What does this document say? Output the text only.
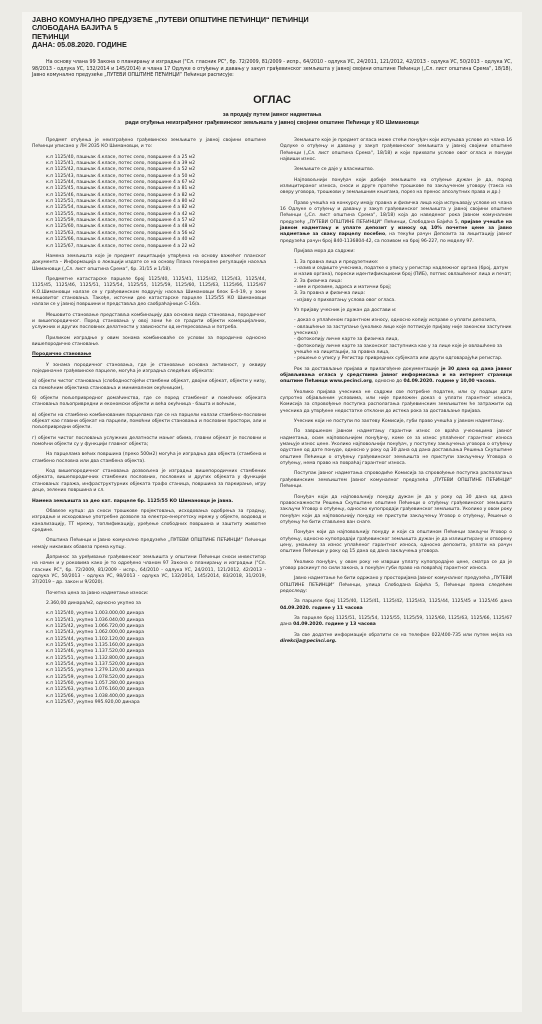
ЈАВНО КОМУНАЛНО ПРЕДУЗЕЋЕ „ПУТЕВИ ОПШТИНЕ ПЕЋИНЦИ“ ПЕЋИНЦИ
СЛОБОДАНА БАЈИЋА 5
ПЕЋИНЦИ
ДАНА: 05.08.2020. ГОДИНЕ
На основу члана 99 Закона о планирању и изградњи ("Сл. гласник РС", бр. 72/2009, 81/2009 - испр., 64/2010 - одлука УС, 24/2011, 121/2012, 42/2013 - одлука УС, 50/2013 - одлука УС, 98/2013 - одлука УС, 132/2014 и 145/2014) и члана 17 Одлуке о отуђењу и давању у закуп грађевинског земљишта у јавној својини општине Пећинци („Сл. лист општина Срема“, 18/18), Јавно комунално предузеће „ПУТЕВИ ОПШТИНЕ ПЕЋИНЦИ“ Пећинци расписује:
ОГЛАС
за продају путем јавног надметања
ради отуђења неизграђеног грађевинског земљишта у јавној својини општине Пећинци у КО Шимановци

Предмет отуђења је неизграђено грађевинско земљиште у јавној својини општине Пећинци уписано у ЛН 2035 КО Шимановци, и то:

к.п 1125/40, пашњак 4.класе, потес село, површине 4 а 25 м2
к.п 1125/41, пашњак 4.класе, потес село, површине 4 а 39 м2
к.п 1125/42, пашњак 4.класе, потес село, површине 4 а 52 м2
к.п 1125/43, пашњак 4.класе, потес село, површине 4 а 50 м2
к.п 1125/44, пашњак 4.класе, потес село, површине 4 а 67 м2
к.п 1125/45, пашњак 4.класе, потес село, површине 4 а 81 м2
к.п 1125/46, пашњак 4.класе, потес село, површине 4 а 82 м2
к.п 1125/51, пашњак 4.класе, потес село, површине 4 а 80 м2
к.п 1125/54, пашњак 4.класе, потес село, површине 4 а 82 м2
к.п 1125/55, пашњак 4.класе, потес село, површине 4 а 42 м2
к.п 1125/59, пашњак 4.класе, потес село, површине 4 а 57 м2
к.п 1125/60, пашњак 4.класе, потес село, површине 4 а 48 м2
к.п 1125/63, пашњак 4.класе, потес село, површине 4 а 56 м2
к.п 1125/66, пашњак 4.класе, потес село, површине 4 а 40 м2
к.п 1125/67, пашњак 4.класе, потес село, површине 4 а 22 м2

Намена земљишта које је предмет лицитације утврђена на основу важећег планског документа – Информација о локацији издате се на основу Плана генералне регулације насеља Шимановци („Сл. лист општина Срема“, бр. 31/15 и 1/18).

Предметне катастарске парцеле број 1125/40, 1125/41, 1125/42, 1125/43, 1125/44, 1125/45, 1125/46, 1125/51, 1125/54, 1125/55, 1125/59, 1125/60, 1125/63, 1125/66, 1125/67 К.О.Шимановци налазе се у грађевинском подручју насеља Шимановци блок Б-4-19, у зони мешовитог становања. Такође, источни део катастарске парцеле 1125/55 КО Шимановци налази се у јавној површини и представља део саобраћајнице С-16/а.

Мешовито становање представља комбинацију два основна вида становања, породичног и вишепородичног. Поред становања у овој зони ће се градити објекти комерцијалних, услужних и других пословних делатности у зависности од интересовања и потреба.

Приликом изградње у овим зонама комбиноваће се услови за породично односно вишепородично становање.

Породично становање

У зонама породичног становања, где је становање основна активност, у оквиру појединачне грађевинске парцеле, могућа је изградња следећих објеката:

а) објекти чистог становања (слободностојећи стамбени објекат, двојни објекат, објекти у низу, са помоћним објектима становања и минималном окућницом),

б) објекти пољопривредног домаћинства, где се поред стамбеног и помоћних објеката становања пољопривредни и економски објекти и већа окућница - башта и воћњак,

в) објекти на стамбено комбинованим парцелама где се на парцели налази стамбено-пословни објекат као главни објекат на парцели, помоћни објекти становања и пословни простори, али и пољопривредни објекти.

г) објекти чистог пословања услужних делатности мањег обима, главни објекат је пословни и помоћни објекти су у функцији главног објекта;

На парцелама већих површина (преко 500м2) могућа је изградња два објекта (стамбена и стамбено пословна или два стамбена објекта).

Код вишепородичног становања дозвољена је изградња вишепородичних стамбених објеката, вишепородичних стамбених пословних, пословних и других објеката у функцији становања: гаража, инфраструктурних објеката трафо станица, површина за паркирање, игру деце, зелених површина и сл.

Намена земљишта за део кат. парцеле бр. 1125/55 КО Шимановци је јавна.

Обавезе купца: да сноси трошкове пројектовања, исходовања одобрења за градњу, изградње и исходовање употребне дозволе за електро-енергетску мрежу у објекте, водовод и канализацију, ТТ мрежу, топлификацију, уређење слободних површина и заштиту животне средине.

Општина Пећинци и Јавно комунално предузеће „ПУТЕВИ ОПШТИНЕ ПЕЋИНЦИ“ Пећинци немају никаквих обавеза према купцу.

Допринос за уређивање грађевинског земљишта у општини Пећинци сноси инвеститор на начин и у роковима како је то одређено чланом 97 Закона о планирању и изградњи ("Сл. гласник РС", бр. 72/2009, 81/2009 - испр., 64/2010 - одлука УС, 24/2011, 121/2012, 42/2013 - одлука УС, 50/2013 - одлука УС, 98/2013 - одлука УС, 132/2014, 145/2014, 83/2018, 31/2019, 37/2019 – др. закон и 9/2020).

Почетна цена за јавно надметање износи:

2.360,00 динара/м2, односно укупно за

к.п 1125/40, укупно 1.003.000,00 динара
к.п 1125/41, укупно 1.036.040,00 динара
к.п 1125/42, укупно 1.066.720,00 динара
к.п 1125/43, укупно 1.062.000,00 динара
к.п 1125/44, укупно 1.102.120,00 динара
к.п 1125/45, укупно 1.135.160,00 динара
к.п 1125/46, укупно 1.137.520,00 динара
к.п 1125/51, укупно 1.132.800,00 динара
к.п 1125/54, укупно 1.137.520,00 динара
к.п 1125/55, укупно 1.279.120,00 динара
к.п 1125/59, укупно 1.078.520,00 динара
к.п 1125/60, укупно 1.057.280,00 динара
к.п 1125/63, укупно 1.076.160,00 динара
к.п 1125/66, укупно 1.038.400,00 динара
к.п 1125/67, укупно 995.920,00 динара

Земљиште које је предмет огласа може стећи понуђач који испуњава услове из члана 16 Одлуке о отуђењу и давању у закуп грађевинског земљишта у јавној својини општине Пећинци („Сл. лист општина Срема“, 18/18) и који прихвати услове овог огласа и понуди највиши износ.

Земљиште се даје у власништво.

Најповољнији понуђач који добије земљиште на отуђење дужан је да, поред излицитираног износа, сноси и друге пратеће трошкове по закљученом уговору (такса на оверу уговора, трошкови у земљишним књигама, порез на пренос апсолутних права и др.)

Право учешћа на конкурсу имају правна и физичка лица која испуњавају услове из члана 16 Одлуке о отуђењу и давању у закуп грађевинског земљишта у јавној својини општине Пећинци („Сл. лист општина Срема“, 18/18) која до наведеног рока Јавном комуналном предузећу „ПУТЕВИ ОПШТИНЕ ПЕЋИНЦИ“ Пећинци, Слободана Бајића 5, пријаве учешће на јавном надметању и уплате депозит у износу од 10% почетне цене за јавно надметање за сваку парцелу посебно, на текући рачун Депозита за лицитацију јавног предузећа рачун број 840-1136804-42, са позивом на број 96-227, по моделу 97.

Пријава мора да садржи:

1. За правна лица и предузетнике:
- назив и седиште учесника, податке о упису у регистар надлежног органа (број, датум и назив органа), порески идентификациони број (ПИБ), потпис овлашћеног лица и печат;
2. За физичка лица:
- име и презиме, адреса и матични број;
3. За правна и физичка лица:
- изјаву о прихватању услова овог огласа.

Уз пријаву учесник је дужан да достави и:

- доказ о уплаћеном гарантном износу, односно копију исправе о уплати депозита,
- овлашћење за заступање (уколико лице које потписује пријаву није законски заступник учесника)
- фотокопију личне карте за физичка лица,
- фотокопију личне карте за законског заступника као у за лице које је овлашћено за учешће на лицитацији, за правна лица,
- решење о упису у Регистар привредних субјеката или други одговарајући регистар.

Рок за достављање пријава и прилагођене документације је 30 дана од дана јавног објављивања огласа у средствима јавног информисања и на интернет страници општине Пећинци www.pecinci.org, односно до 04.09.2020. године у 10,00 часова.

Уколико пријава учесника не садржи све потребне податке, или су подаци дати супротно објављеним условима, или није приложен доказ о уплати гарантног износа, Комисија за спровођење поступка располагања грађевинским земљиштем ће затражити од учесника да утврђене недостатке отклони до истека рока за достављање пријава.

Учесник који не поступи по захтеву Комисије, губи право учешћа у јавном надметању.

По завршеном јавном надметању гарантни износ се враћа учесницима јавног надметања, осим најповољнијем понуђачу, коме се за износ уплаћеног гарантног износа умањује износ цене. Уколико најповољнији понуђач, у поступку закључења уговора о отуђењу одустане од дате понуде, односно у року од 30 дана од дана достављања Решења Скупштине општине Пећинци о отуђењу грађевинског земљишта не приступи закључењу Уговора о отуђењу, нема право на повраћај гарантног износа.

Поступак јавног надметања спроводиће Комисија за спровођење поступка располагања грађевинским земљиштем Јавног комуналног предузећа „ПУТЕВИ ОПШТИНЕ ПЕЋИНЦИ“ Пећинци.

Понуђач који да најповољнију понуду дужан је да у року од 30 дана од дана правоснажности Решења Скупштине општине Пећинци о отуђењу грађевинског земљишта закључи Уговор о отуђењу, односно купопродаји грађевинског земљишта. Уколико у овом року понуђач који да најповољнију понуду не приступи закључењу Уговор о отуђењу, Решење о отуђењу ће бити стављено ван снаге.

Понуђач који да најповољнију понуду и који са општином Пећинци закључи Уговор о отуђењу, односно купопродаји грађевинског земљишта дужан је да излицитирану и отворену цену, умањену за износ уплаћеног гарантног износа, односно депозита, уплати на рачун општине Пећинци у року од 15 дана од дана закључења уговора.

Уколико понуђач, у овом року не изврши уплату купопродајне цене, сматра се да је уговор раскинут по сили закона, а понуђач губи право на повраћај гарантног износа.

Јавно надметање ће бити одржано у просторијама Јавног комуналног предузећа „ПУТЕВИ ОПШТИНЕ ПЕЋИНЦИ“ Пећинци, улица Слободана Бајића 5, Пећинци према следећем редоследу:

За парцеле број 1125/40, 1125/41, 1125/42, 1125/43, 1125/44, 1125/45 и 1125/46 дана 04.09.2020. године у 11 часова

За парцеле број 1125/51, 1125/54, 1125/55, 1125/59, 1125/60, 1125/63, 1125/66, 1125/67 дана 04.09.2020. године у 13 часова

За све додатне информације обратити се на телефон 022/400-735 или путем мејла на direkcija@pecinci.org.
